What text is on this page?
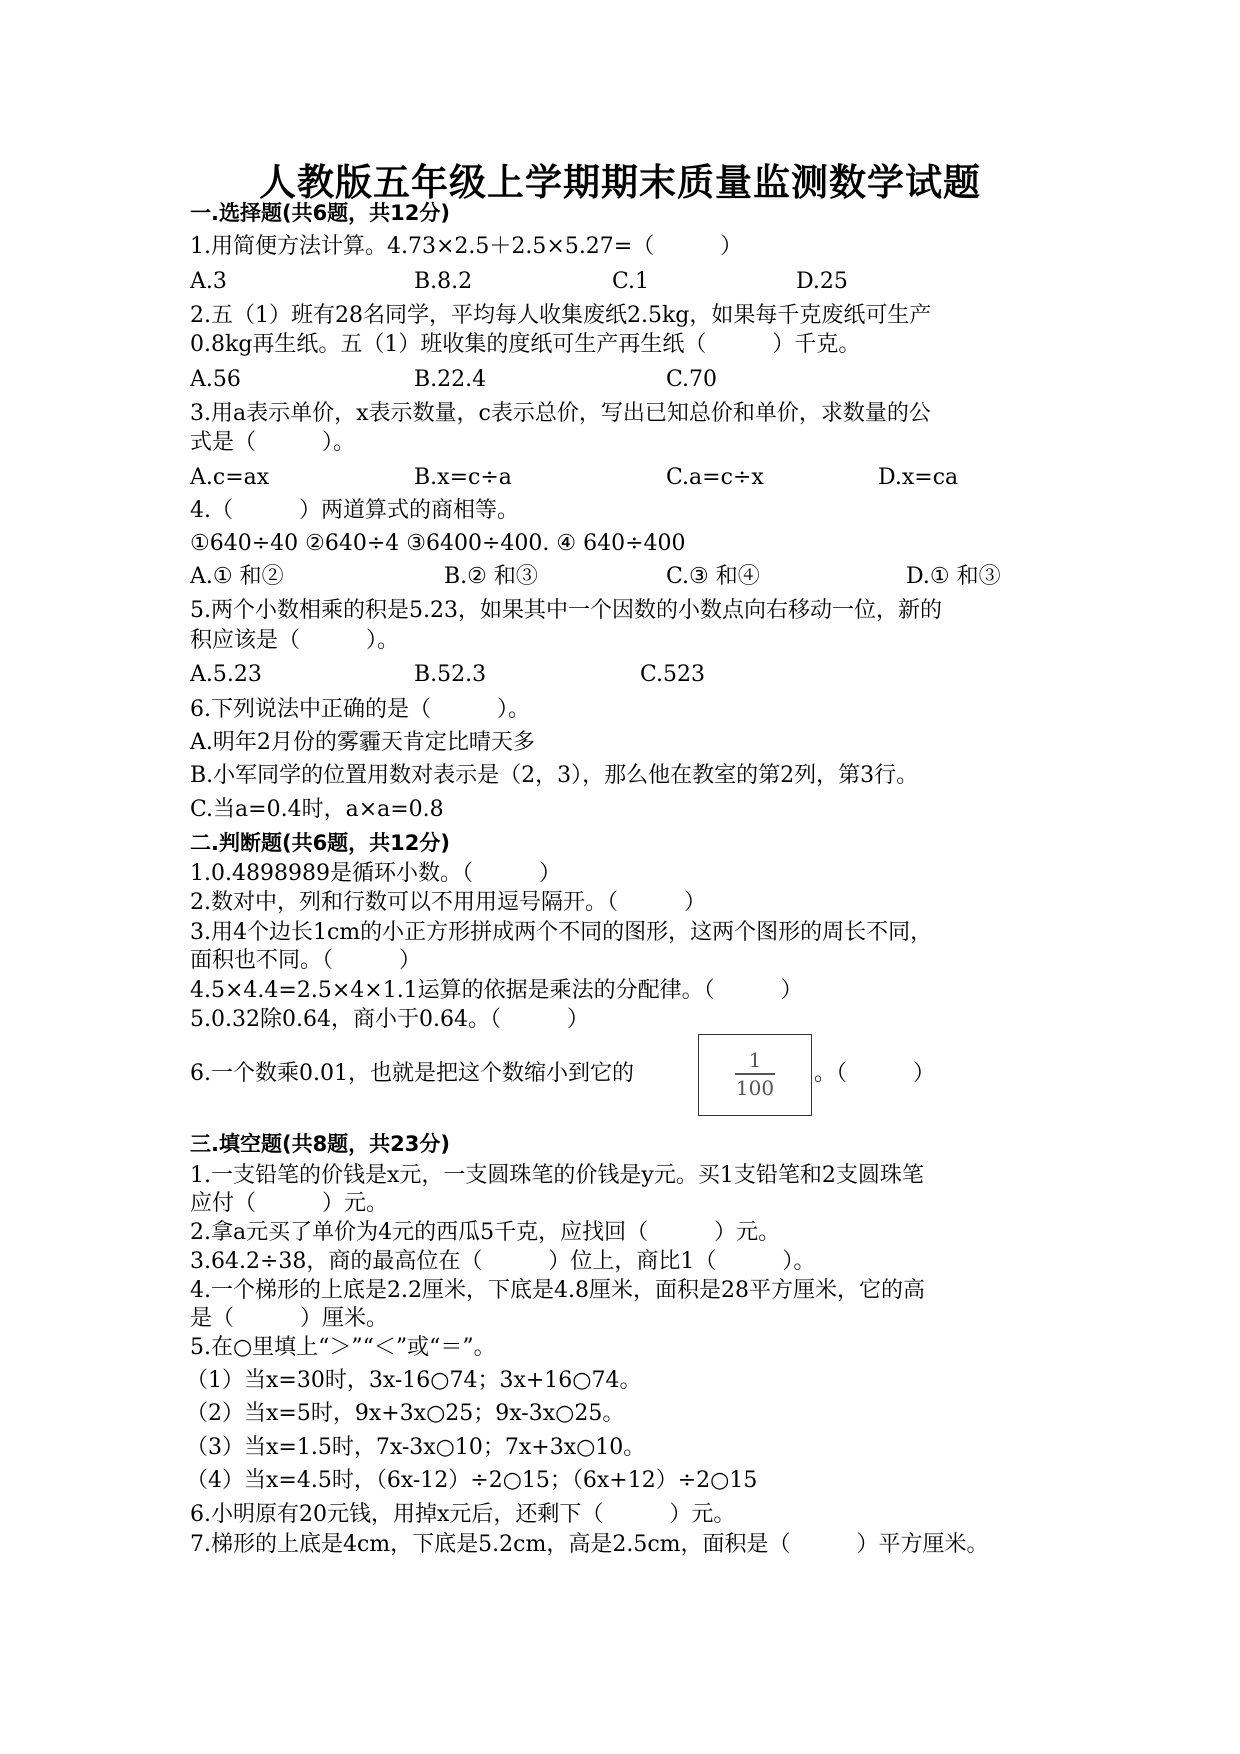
人教版五年级上学期期末质量监测数学试题
一.选择题(共6题，共12分)
1.用简便方法计算。4.73×2.5＋2.5×5.27=（　　　）
A.3	B.8.2	C.1	D.25
2.五（1）班有28名同学，平均每人收集废纸2.5kg，如果每千克废纸可生产
0.8kg再生纸。五（1）班收集的度纸可生产再生纸（　　　）千克。
A.56	B.22.4	C.70
3.用a表示单价，x表示数量，c表示总价，写出已知总价和单价，求数量的公
式是（　　　）。
A.c=ax	B.x=c÷a	C.a=c÷x	D.x=ca
4.（　　　）两道算式的商相等。
①640÷40 ②640÷4 ③6400÷400. ④ 640÷400
A.① 和②	B.② 和③	C.③ 和④	D.① 和③
5.两个小数相乘的积是5.23，如果其中一个因数的小数点向右移动一位，新的
积应该是（　　　）。
A.5.23	B.52.3	C.523
6.下列说法中正确的是（　　　）。
A.明年2月份的雾霾天肯定比晴天多
B.小军同学的位置用数对表示是（2，3），那么他在教室的第2列，第3行。
C.当a=0.4时，a×a=0.8
二.判断题(共6题，共12分)
1.0.4898989是循环小数。（　　　）
2.数对中，列和行数可以不用用逗号隔开。（　　　）
3.用4个边长1cm的小正方形拼成两个不同的图形，这两个图形的周长不同，
面积也不同。（　　　）
4.5×4.4=2.5×4×1.1运算的依据是乘法的分配律。（　　　）
5.0.32除0.64，商小于0.64。（　　　）
6.一个数乘0.01，也就是把这个数缩小到它的
1
100
。（　　　）
三.填空题(共8题，共23分)
1.一支铅笔的价钱是x元，一支圆珠笔的价钱是y元。买1支铅笔和2支圆珠笔
应付（　　　）元。
2.拿a元买了单价为4元的西瓜5千克，应找回（　　　）元。
3.64.2÷38，商的最高位在（　　　）位上，商比1（　　　）。
4.一个梯形的上底是2.2厘米，下底是4.8厘米，面积是28平方厘米，它的高
是（　　　）厘米。
5.在○里填上“＞”“＜”或“＝”。
（1）当x=30时，3x-16○74；3x+16○74。
（2）当x=5时，9x+3x○25；9x-3x○25。
（3）当x=1.5时，7x-3x○10；7x+3x○10。
（4）当x=4.5时，（6x-12）÷2○15；（6x+12）÷2○15
6.小明原有20元钱，用掉x元后，还剩下（　　　）元。
7.梯形的上底是4cm，下底是5.2cm，高是2.5cm，面积是（　　　）平方厘米。
